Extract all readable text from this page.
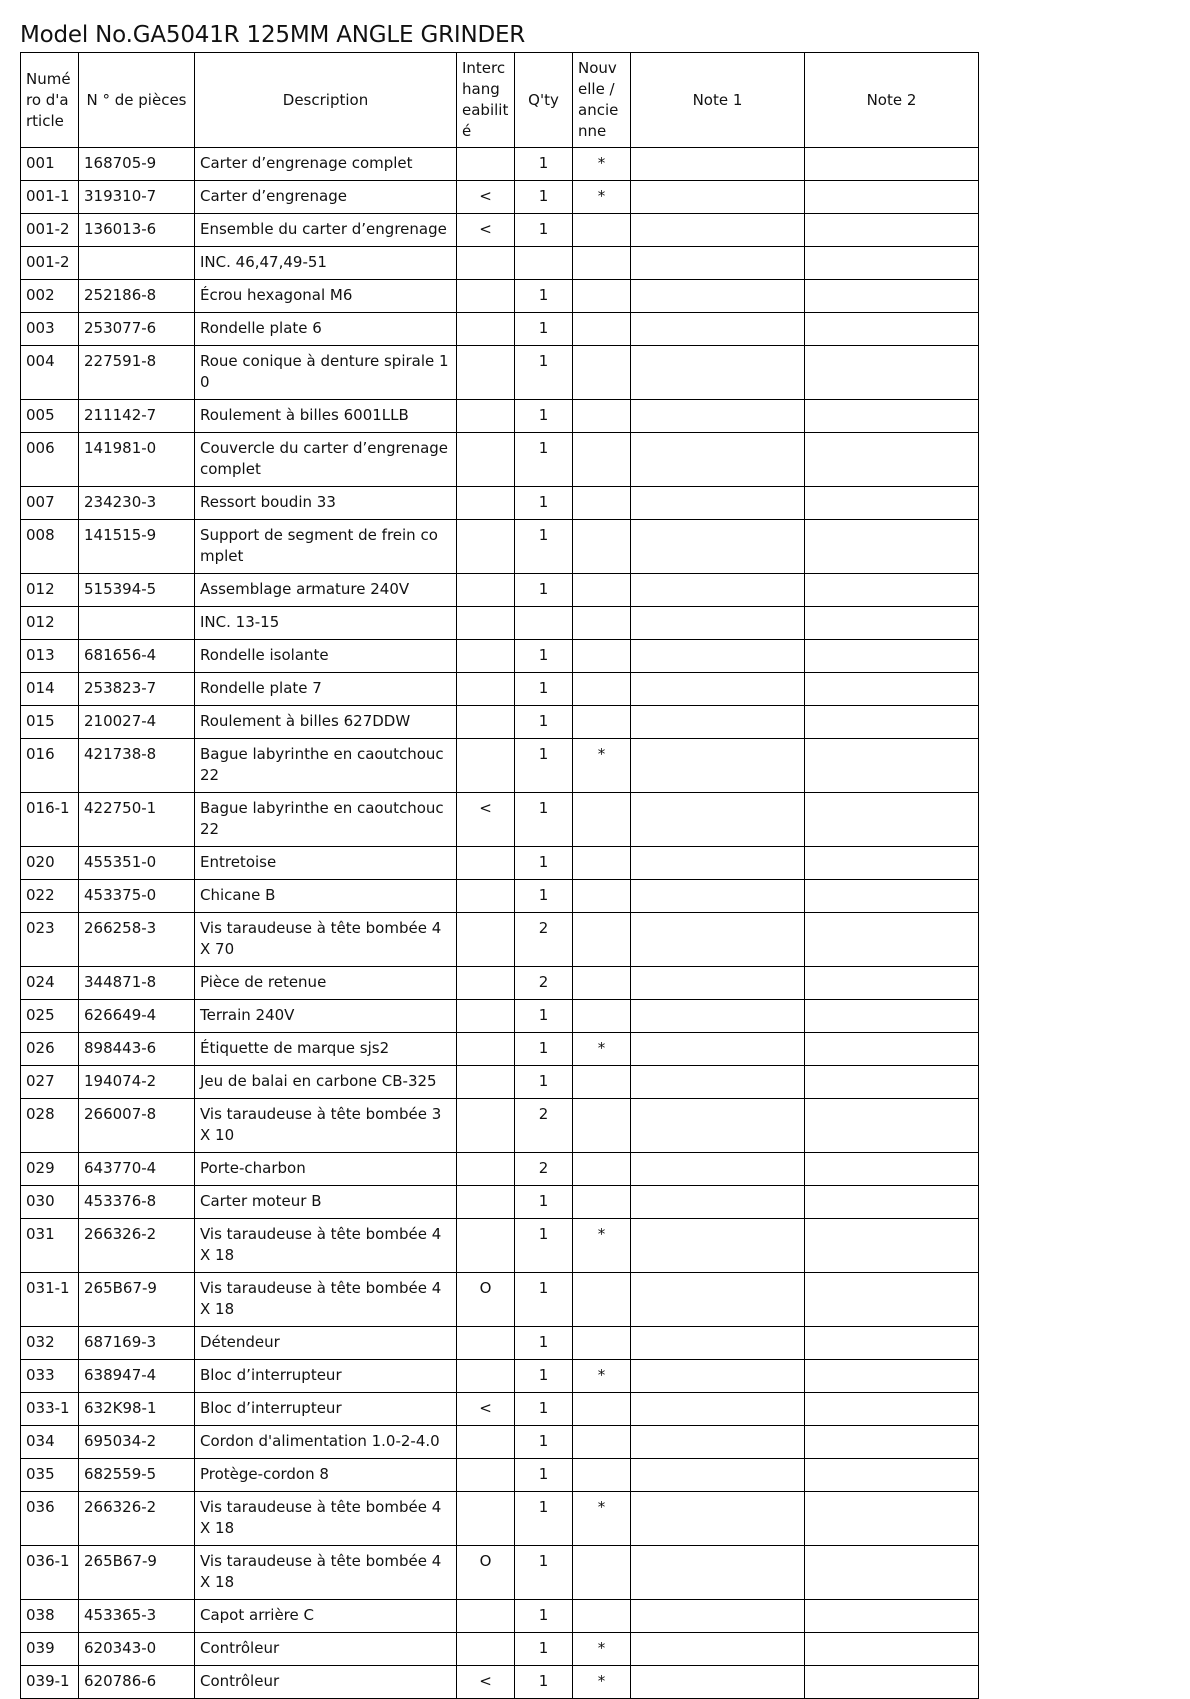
Model No.GA5041R 125MM ANGLE GRINDER
Numé ro d'a rticle	N ° de pièces	Description	Interc hang eabilit é	Q'ty	Nouv elle / ancie nne	Note 1	Note 2
001	168705-9	Carter d’engrenage complet		1	*		
001-1	319310-7	Carter d’engrenage	<	1	*		
001-2	136013-6	Ensemble du carter d’engrenage	<	1			
001-2		INC. 46,47,49-51					
002	252186-8	Écrou hexagonal M6		1			
003	253077-6	Rondelle plate 6		1			
004	227591-8	Roue conique à denture spirale 1 0		1			
005	211142-7	Roulement à billes 6001LLB		1			
006	141981-0	Couvercle du carter d’engrenage complet		1			
007	234230-3	Ressort boudin 33		1			
008	141515-9	Support de segment de frein co mplet		1			
012	515394-5	Assemblage armature 240V		1			
012		INC. 13-15					
013	681656-4	Rondelle isolante		1			
014	253823-7	Rondelle plate 7		1			
015	210027-4	Roulement à billes 627DDW		1			
016	421738-8	Bague labyrinthe en caoutchouc 22		1	*		
016-1	422750-1	Bague labyrinthe en caoutchouc 22	<	1			
020	455351-0	Entretoise		1			
022	453375-0	Chicane B		1			
023	266258-3	Vis taraudeuse à tête bombée 4X 70		2			
024	344871-8	Pièce de retenue		2			
025	626649-4	Terrain 240V		1			
026	898443-6	Étiquette de marque sjs2		1	*		
027	194074-2	Jeu de balai en carbone CB-325		1			
028	266007-8	Vis taraudeuse à tête bombée 3X 10		2			
029	643770-4	Porte-charbon		2			
030	453376-8	Carter moteur B		1			
031	266326-2	Vis taraudeuse à tête bombée 4X 18		1	*		
031-1	265B67-9	Vis taraudeuse à tête bombée 4X 18	O	1			
032	687169-3	Détendeur		1			
033	638947-4	Bloc d’interrupteur		1	*		
033-1	632K98-1	Bloc d’interrupteur	<	1			
034	695034-2	Cordon d'alimentation 1.0-2-4.0		1			
035	682559-5	Protège-cordon 8		1			
036	266326-2	Vis taraudeuse à tête bombée 4X 18		1	*		
036-1	265B67-9	Vis taraudeuse à tête bombée 4X 18	O	1			
038	453365-3	Capot arrière C		1			
039	620343-0	Contrôleur		1	*		
039-1	620786-6	Contrôleur	<	1	*		
